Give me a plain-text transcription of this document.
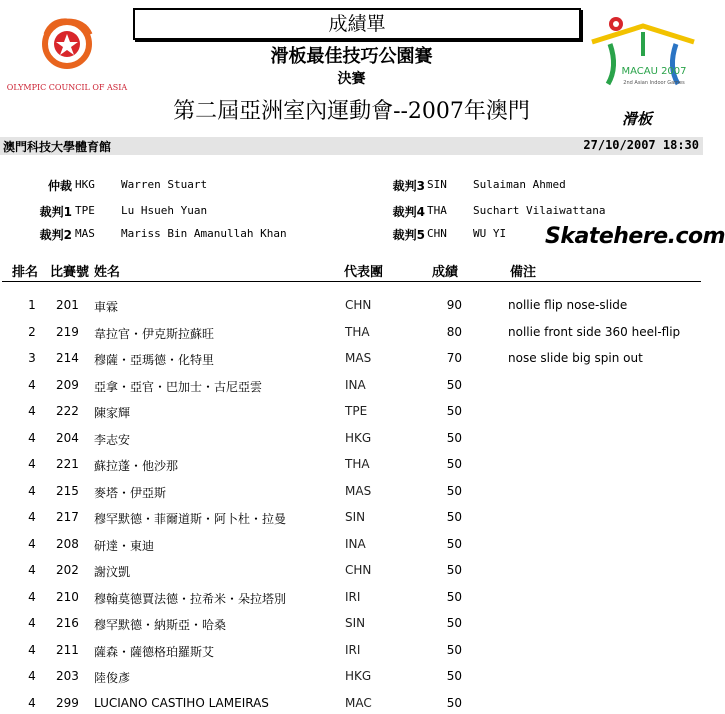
OLYMPIC COUNCIL OF ASIA
MACAU 2007
2nd Asian Indoor Games
成績單
滑板最佳技巧公園賽
決賽
第二屆亞洲室內運動會--2007年澳門	滑板
澳門科技大學體育館	27/10/2007 18:30
仲裁 HKG Warren Stuart
裁判1 TPE Lu Hsueh Yuan
裁判2 MAS Mariss Bin Amanullah Khan
裁判3 SIN Sulaiman Ahmed
裁判4 THA Suchart Vilaiwattana
裁判5 CHN WU YI Skatehere.com
排名 比賽號 姓名	代表團	成績	備注
1 201 車霖	CHN	90	nollie flip nose-slide
2 219 韋拉官・伊克斯拉蘇旺	THA	80	nollie front side 360 heel-flip
3 214 穆薩・亞瑪德・化特里	MAS	70	nose slide big spin out
4 209 亞拿・亞官・巴加士・古尼亞雲	INA	50
4 222 陳家輝	TPE	50
4 204 李志安	HKG	50
4 221 蘇拉蓬・他沙那	THA	50
4 215 麥塔・伊亞斯	MAS	50
4 217 穆罕默德・菲爾道斯・阿卜杜・拉曼	SIN	50
4 208 研達・東迪	INA	50
4 202 謝汶凱	CHN	50
4 210 穆翰莫德賈法德・拉希米・朵拉塔別	IRI	50
4 216 穆罕默德・納斯亞・哈桑	SIN	50
4 211 薩森・薩德格珀羅斯艾	IRI	50
4 203 陸俊彥	HKG	50
4 299 LUCIANO CASTIHO LAMEIRAS	MAC	50
